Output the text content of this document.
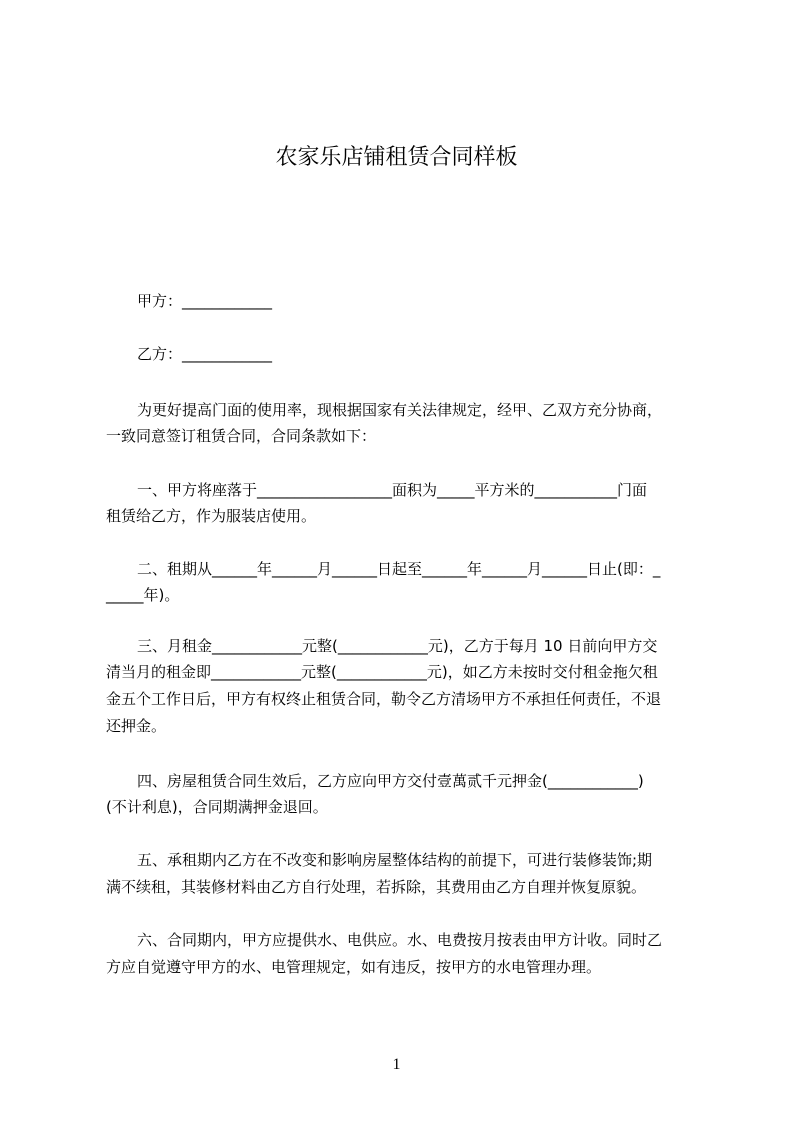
农家乐店铺租赁合同样板
甲方：____________
乙方：____________
为更好提高门面的使用率，现根据国家有关法律规定，经甲、乙双方充分协商，
一致同意签订租赁合同，合同条款如下：
一、甲方将座落于__________________面积为_____平方米的___________门面
租赁给乙方，作为服装店使用。
二、租期从______年______月______日起至______年______月______日止(即：_
_____年)。
三、月租金____________元整(____________元)，乙方于每月 10 日前向甲方交
清当月的租金即____________元整(____________元)，如乙方未按时交付租金拖欠租
金五个工作日后，甲方有权终止租赁合同，勒令乙方清场甲方不承担任何责任，不退
还押金。
四、房屋租赁合同生效后，乙方应向甲方交付壹萬贰千元押金(____________)
(不计利息)，合同期满押金退回。
五、承租期内乙方在不改变和影响房屋整体结构的前提下，可进行装修装饰;期
满不续租，其装修材料由乙方自行处理，若拆除，其费用由乙方自理并恢复原貌。
六、合同期内，甲方应提供水、电供应。水、电费按月按表由甲方计收。同时乙
方应自觉遵守甲方的水、电管理规定，如有违反，按甲方的水电管理办理。
1
